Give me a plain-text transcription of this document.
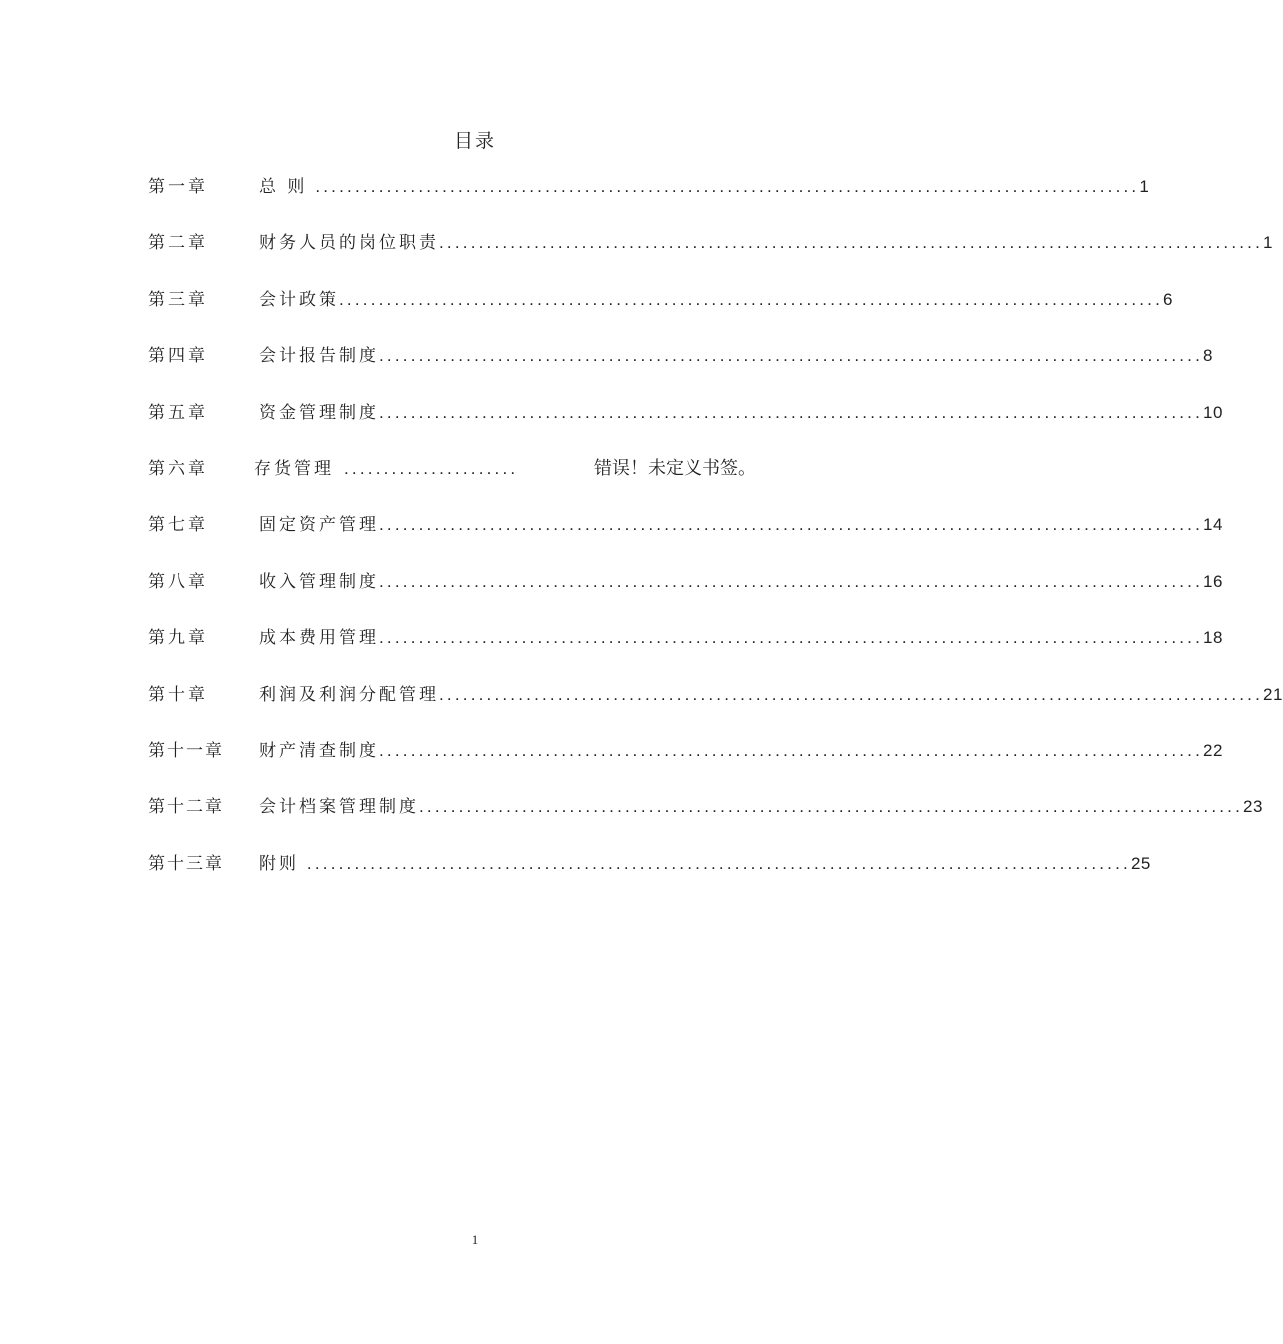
目录
第一章	总 则 ........................................................................................................ 1
第二章	财务人员的岗位职责 ........................................................................................................ 1
第三章	会计政策 ........................................................................................................ 6
第四章	会计报告制度 ........................................................................................................ 8
第五章	资金管理制度 ........................................................................................................ 10
第六章	存货管理 ......................	错误！未定义书签。
第七章	固定资产管理 ........................................................................................................ 14
第八章	收入管理制度 ........................................................................................................ 16
第九章	成本费用管理 ........................................................................................................ 18
第十章	利润及利润分配管理 ........................................................................................................ 21
第十一章	财产清查制度 ........................................................................................................ 22
第十二章	会计档案管理制度 ........................................................................................................ 23
第十三章	附则 ........................................................................................................ 25
1
